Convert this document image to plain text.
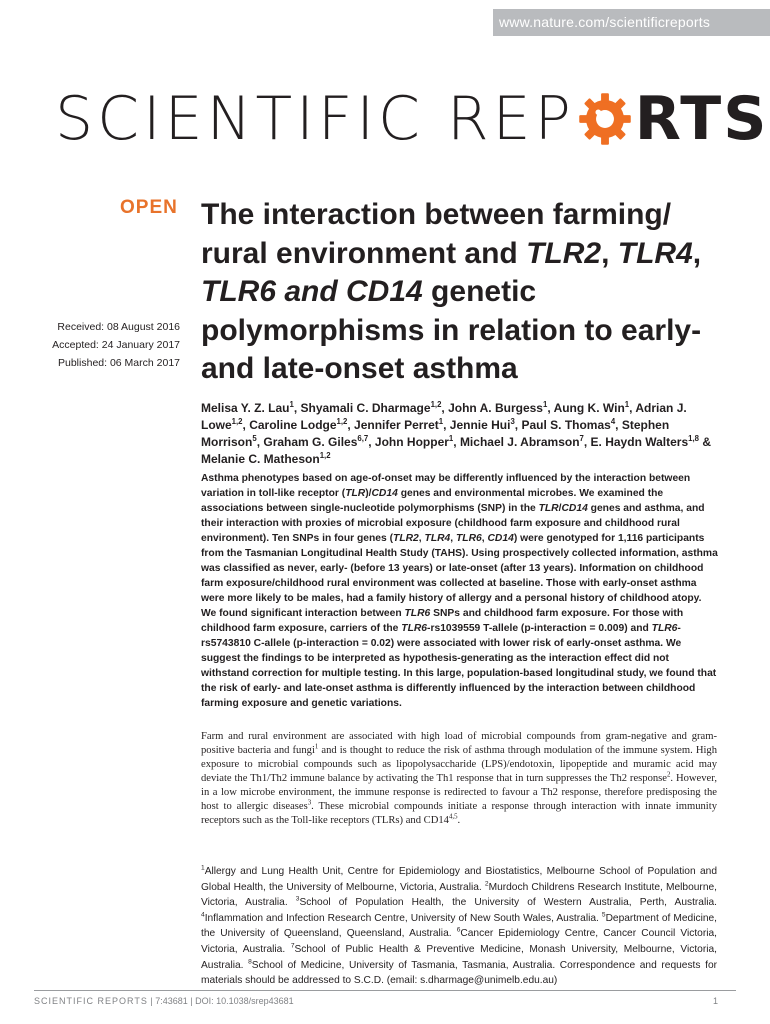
www.nature.com/scientificreports
SCIENTIFIC REP RTS
OPEN
Received: 08 August 2016
Accepted: 24 January 2017
Published: 06 March 2017
The interaction between farming/ rural environment and TLR2, TLR4, TLR6 and CD14 genetic polymorphisms in relation to early- and late-onset asthma

Melisa Y. Z. Lau$^1$, Shyamali C. Dharmage$^{1,2}$, John A. Burgess$^1$, Aung K. Win$^1$, Adrian J. Lowe$^{1,2}$, Caroline Lodge$^{1,2}$, Jennifer Perret$^1$, Jennie Hui$^3$, Paul S. Thomas$^4$, Stephen Morrison$^5$, Graham G. Giles$^{6,7}$, John Hopper$^1$, Michael J. Abramson$^7$, E. Haydn Walters$^{1,8}$ & Melanie C. Matheson$^{1,2}$

Asthma phenotypes based on age-of-onset may be differently influenced by the interaction between variation in toll-like receptor (TLR)/CD14 genes and environmental microbes. We examined the associations between single-nucleotide polymorphisms (SNP) in the TLR/CD14 genes and asthma, and their interaction with proxies of microbial exposure (childhood farm exposure and childhood rural environment). Ten SNPs in four genes (TLR2, TLR4, TLR6, CD14) were genotyped for 1,116 participants from the Tasmanian Longitudinal Health Study (TAHS). Using prospectively collected information, asthma was classified as never, early- (before 13 years) or late-onset (after 13 years). Information on childhood farm exposure/childhood rural environment was collected at baseline. Those with early-onset asthma were more likely to be males, had a family history of allergy and a personal history of childhood atopy. We found significant interaction between TLR6 SNPs and childhood farm exposure. For those with childhood farm exposure, carriers of the TLR6-rs1039559 T-allele (p-interaction = 0.009) and TLR6-rs5743810 C-allele (p-interaction = 0.02) were associated with lower risk of early-onset asthma. We suggest the findings to be interpreted as hypothesis-generating as the interaction effect did not withstand correction for multiple testing. In this large, population-based longitudinal study, we found that the risk of early- and late-onset asthma is differently influenced by the interaction between childhood farming exposure and genetic variations.

Farm and rural environment are associated with high load of microbial compounds from gram-negative and gram-positive bacteria and fungi$^1$ and is thought to reduce the risk of asthma through modulation of the immune system. High exposure to microbial compounds such as lipopolysaccharide (LPS)/endotoxin, lipopeptide and muramic acid may deviate the Th1/Th2 immune balance by activating the Th1 response that in turn suppresses the Th2 response$^2$. However, in a low microbe environment, the immune response is redirected to favour a Th2 response, therefore predisposing the host to allergic diseases$^3$. These microbial compounds initiate a response through interaction with innate immunity receptors such as the Toll-like receptors (TLRs) and CD14$^{4,5}$.

$^1$Allergy and Lung Health Unit, Centre for Epidemiology and Biostatistics, Melbourne School of Population and Global Health, the University of Melbourne, Victoria, Australia. $^2$Murdoch Childrens Research Institute, Melbourne, Victoria, Australia. $^3$School of Population Health, the University of Western Australia, Perth, Australia. $^4$Inflammation and Infection Research Centre, University of New South Wales, Australia. $^5$Department of Medicine, the University of Queensland, Queensland, Australia. $^6$Cancer Epidemiology Centre, Cancer Council Victoria, Victoria, Australia. $^7$School of Public Health & Preventive Medicine, Monash University, Melbourne, Victoria, Australia. $^8$School of Medicine, University of Tasmania, Tasmania, Australia. Correspondence and requests for materials should be addressed to S.C.D. (email: s.dharmage@unimelb.edu.au)

SCIENTIFIC REPORTS | 7:43681 | DOI: 10.1038/srep43681	1
